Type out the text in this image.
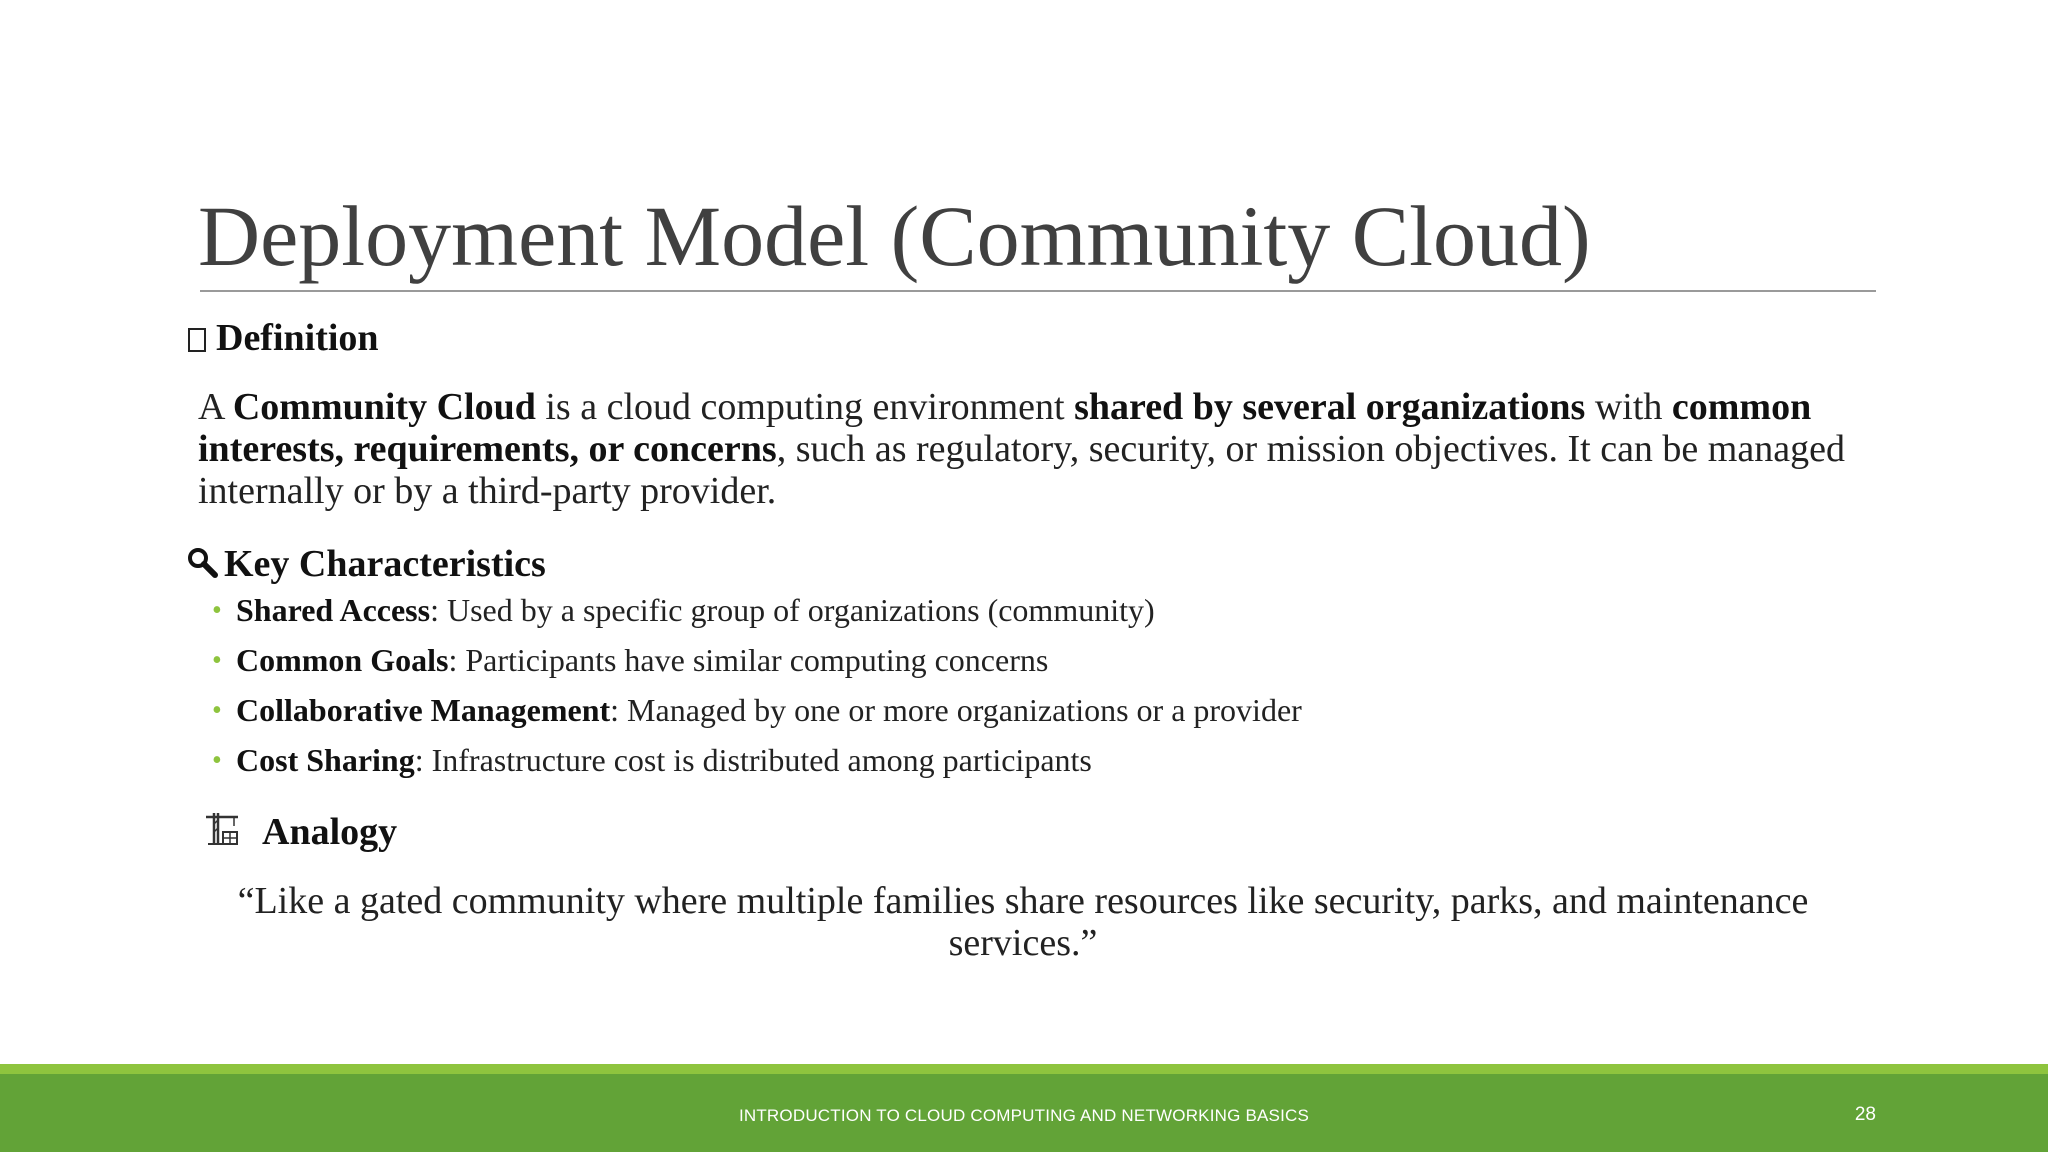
Deployment Model (Community Cloud)
Definition
A Community Cloud is a cloud computing environment shared by several organizations with common interests, requirements, or concerns, such as regulatory, security, or mission objectives. It can be managed internally or by a third-party provider.
Key Characteristics
• Shared Access: Used by a specific group of organizations (community)
• Common Goals: Participants have similar computing concerns
• Collaborative Management: Managed by one or more organizations or a provider
• Cost Sharing: Infrastructure cost is distributed among participants
Analogy
“Like a gated community where multiple families share resources like security, parks, and maintenance services.”
INTRODUCTION TO CLOUD COMPUTING AND NETWORKING BASICS	28
